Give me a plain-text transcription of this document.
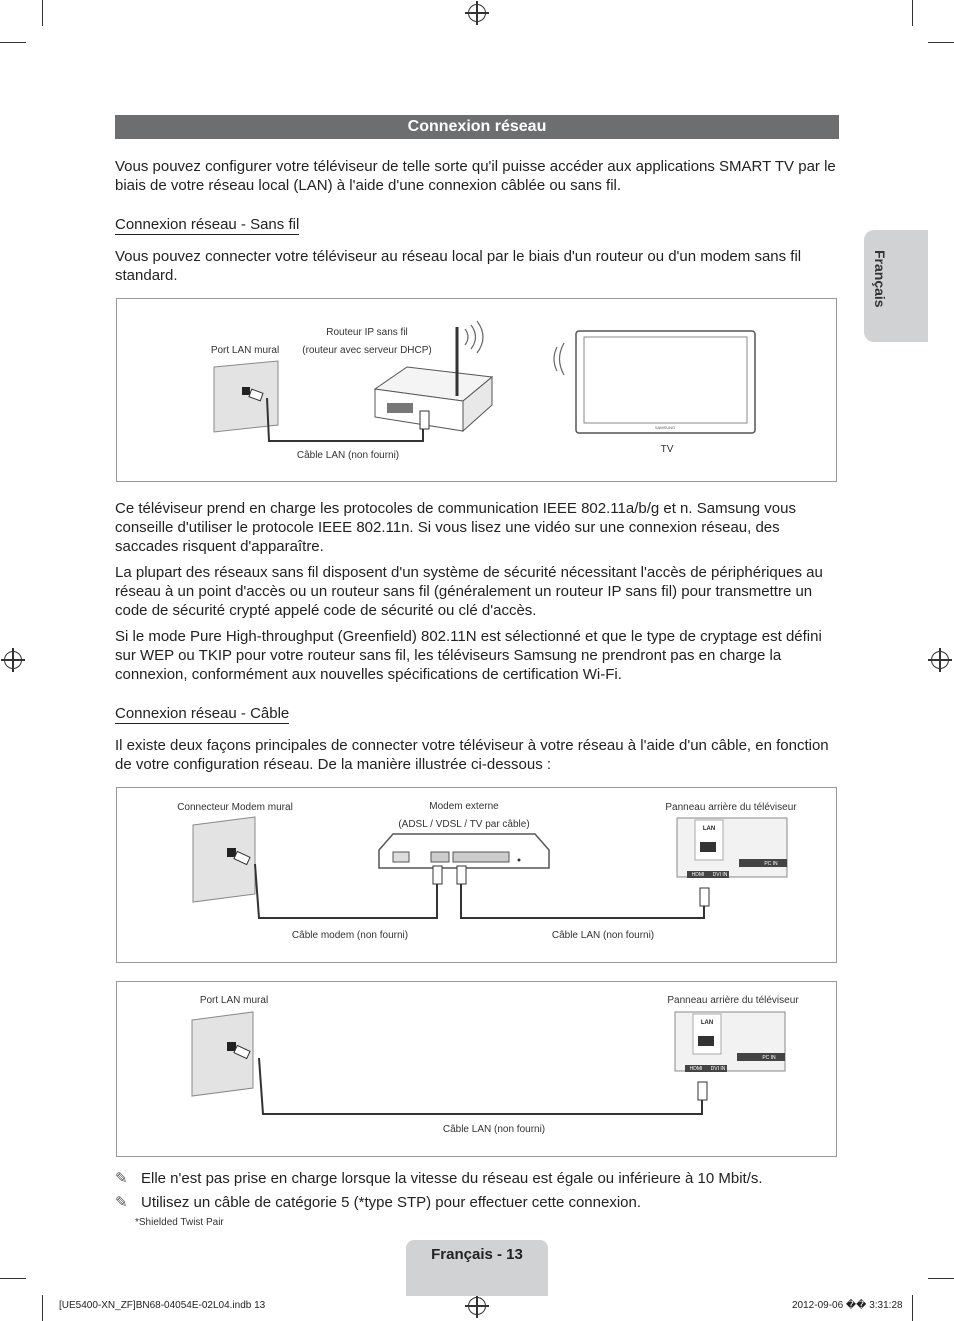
Français
Connexion réseau
Vous pouvez configurer votre téléviseur de telle sorte qu'il puisse accéder aux applications SMART TV par le biais de votre réseau local (LAN) à l'aide d'une connexion câblée ou sans fil.
Connexion réseau - Sans fil
Vous pouvez connecter votre téléviseur au réseau local par le biais d'un routeur ou d'un modem sans fil standard.
SAMSUNG
Port LAN mural
Routeur IP sans fil
(routeur avec serveur DHCP)
Câble LAN (non fourni)
TV
Ce téléviseur prend en charge les protocoles de communication IEEE 802.11a/b/g et n. Samsung vous conseille d'utiliser le protocole IEEE 802.11n. Si vous lisez une vidéo sur une connexion réseau, des saccades risquent d'apparaître.
La plupart des réseaux sans fil disposent d'un système de sécurité nécessitant l'accès de périphériques au réseau à un point d'accès ou un routeur sans fil (généralement un routeur IP sans fil) pour transmettre un code de sécurité crypté appelé code de sécurité ou clé d'accès.
Si le mode Pure High-throughput (Greenfield) 802.11N est sélectionné et que le type de cryptage est défini sur WEP ou TKIP pour votre routeur sans fil, les téléviseurs Samsung ne prendront pas en charge la connexion, conformément aux nouvelles spécifications de certification Wi-Fi.
Connexion réseau - Câble
Il existe deux façons principales de connecter votre téléviseur à votre réseau à l'aide d'un câble, en fonction de votre configuration réseau. De la manière illustrée ci-dessous :
LAN
PC IN
HDMI DVI IN
Connecteur Modem mural	Modem externe
(ADSL / VDSL / TV par câble)
Panneau arrière du téléviseur
Câble modem (non fourni)	Câble LAN (non fourni)
LAN
PC IN
HDMI DVI IN
Port LAN mural	Panneau arrière du téléviseur
Câble LAN (non fourni)
✎ Elle n'est pas prise en charge lorsque la vitesse du réseau est égale ou inférieure à 10 Mbit/s.
✎ Utilisez un câble de catégorie 5 (*type STP) pour effectuer cette connexion.
*Shielded Twist Pair
Français - 13
[UE5400-XN_ZF]BN68-04054E-02L04.indb 13	2012-09-06 �� 3:31:28
